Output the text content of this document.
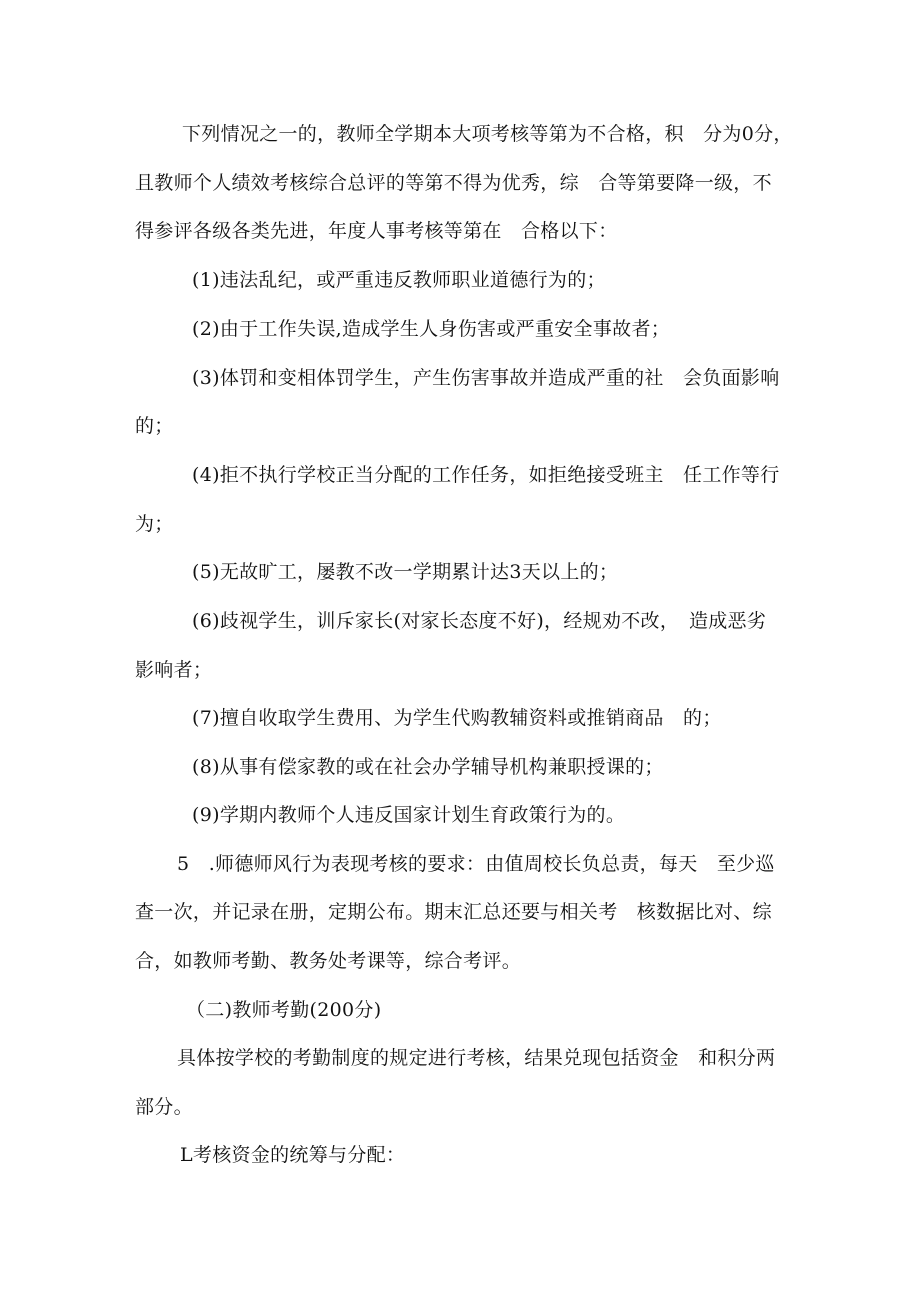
下列情况之一的，教师全学期本大项考核等第为不合格，积　分为0分，
且教师个人绩效考核综合总评的等第不得为优秀，综　合等第要降一级，不
得参评各级各类先进，年度人事考核等第在　合格以下：
(1)违法乱纪，或严重违反教师职业道德行为的；
(2)由于工作失误,造成学生人身伤害或严重安全事故者；
(3)体罚和变相体罚学生，产生伤害事故并造成严重的社　会负面影响
的；
(4)拒不执行学校正当分配的工作任务，如拒绝接受班主　任工作等行
为；
(5)无故旷工，屡教不改一学期累计达3天以上的；
(6)歧视学生，训斥家长(对家长态度不好)，经规劝不改，　造成恶劣
影响者；
(7)擅自收取学生费用、为学生代购教辅资料或推销商品　的；
(8)从事有偿家教的或在社会办学辅导机构兼职授课的；
(9)学期内教师个人违反国家计划生育政策行为的。
5　.师德师风行为表现考核的要求：由值周校长负总责，每天　至少巡
查一次，并记录在册，定期公布。期末汇总还要与相关考　核数据比对、综
合，如教师考勤、教务处考课等，综合考评。
（二)教师考勤(200分)
具体按学校的考勤制度的规定进行考核，结果兑现包括资金　和积分两
部分。
L考核资金的统筹与分配：
